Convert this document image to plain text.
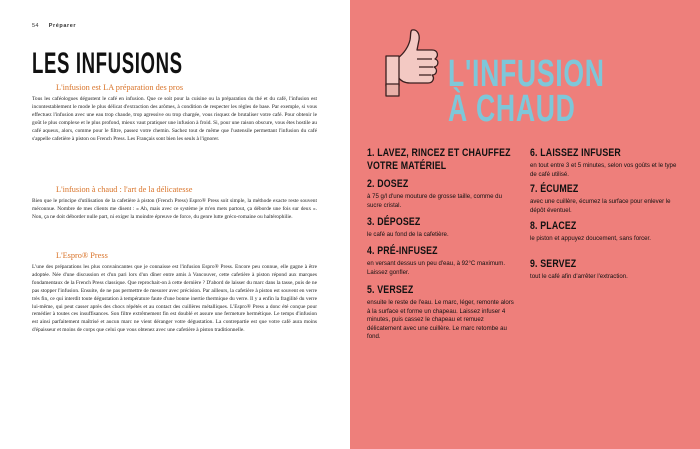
54 Préparer
LES INFUSIONS
L'infusion est LA préparation des pros

Tous les caféologues dégustent le café en infusion. Que ce soit pour la cuisine ou la préparation du thé et du café, l'infusion est incontestablement le mode le plus délicat d'extraction des arômes, à condition de respecter les règles de base. Par exemple, si vous effectuez l'infusion avec une eau trop chaude, trop agressive ou trop chargée, vous risquez de brutaliser votre café. Pour obtenir le goût le plus complexe et le plus profond, mieux vaut pratiquer une infusion à froid. Si, pour une raison obscure, vous êtes hostile au café aqueux, alors, comme pour le filtre, passez votre chemin. Sachez tout de même que l'ustensile permettant l'infusion du café s'appelle cafetière à piston ou French Press. Les Français sont bien les seuls à l'ignorer.

L'infusion à chaud : l'art de la délicatesse

Bien que le principe d'utilisation de la cafetière à piston (French Press) Espro® Press soit simple, la méthode exacte reste souvent méconnue. Nombre de mes clients me disent : « Ah, mais avec ce système je m'en mets partout, ça déborde une fois sur deux ». Non, ça ne doit déborder nulle part, ni exiger la moindre épreuve de force, du genre lutte gréco-romaine ou haltérophilie.

L'Espro® Press

L'une des préparations les plus convaincantes que je connaisse est l'infusion Espro® Press. Encore peu connue, elle gagne à être adoptée. Née d'une discussion et d'un pari lors d'un dîner entre amis à Vancouver, cette cafetière à piston répond aux marques fondamentaux de la French Press classique. Que reprochait-on à cette dernière ? D'abord de laisser du marc dans la tasse, puis de ne pas stopper l'infusion. Ensuite, de ne pas permettre de mesurer avec précision. Par ailleurs, la cafetière à piston est souvent en verre très fin, ce qui interdit toute dégustation à température faute d'une bonne inertie thermique du verre. Il y a enfin la fragilité du verre lui-même, qui peut casser après des chocs répétés et au contact des cuillères métalliques. L'Espro® Press a donc été conçue pour remédier à toutes ces insuffisances. Son filtre extrêmement fin est doublé et assure une fermeture hermétique. Le temps d'infusion est ainsi parfaitement maîtrisé et aucun marc ne vient déranger votre dégustation. La contrepartie est que votre café aura moins d'épaisseur et moins de corps que celui que vous obtenez avec une cafetière à piston traditionnelle.

L'INFUSION
À CHAUD
1. LAVEZ, RINCEZ ET CHAUFFEZ VOTRE MATÉRIEL
2. DOSEZ
à 75 g/l d'une mouture de grosse taille, comme du sucre cristal.
3. DÉPOSEZ
le café au fond de la cafetière.
4. PRÉ-INFUSEZ
en versant dessus un peu d'eau, à 92°C maximum. Laissez gonfler.
5. VERSEZ
ensuite le reste de l'eau. Le marc, léger, remonte alors à la surface et forme un chapeau. Laissez infuser 4 minutes, puis cassez le chapeau et remuez délicatement avec une cuillère. Le marc retombe au fond.
6. LAISSEZ INFUSER
en tout entre 3 et 5 minutes, selon vos goûts et le type de café utilisé.
7. ÉCUMEZ
avec une cuillère, écumez la surface pour enlever le dépôt éventuel.
8. PLACEZ
le piston et appuyez doucement, sans forcer.
9. SERVEZ
tout le café afin d'arrêter l'extraction.
